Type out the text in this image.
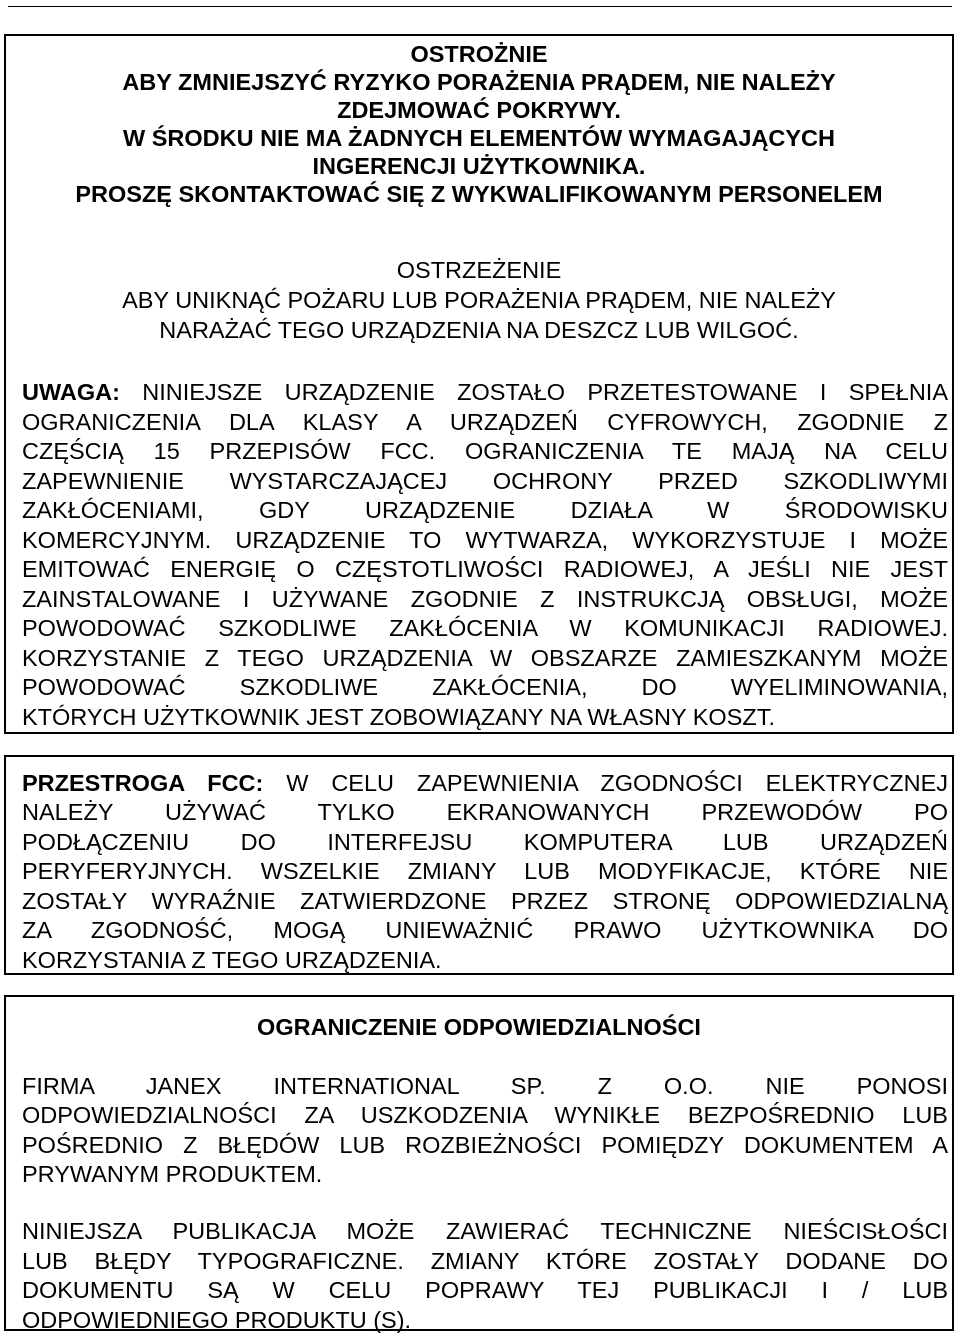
OSTROŻNIE
ABY ZMNIEJSZYĆ RYZYKO PORAŻENIA PRĄDEM, NIE NALEŻY
ZDEJMOWAĆ POKRYWY.
W ŚRODKU NIE MA ŻADNYCH ELEMENTÓW WYMAGAJĄCYCH
INGERENCJI UŻYTKOWNIKA.
PROSZĘ SKONTAKTOWAĆ SIĘ Z WYKWALIFIKOWANYM PERSONELEM
OSTRZEŻENIE
ABY UNIKNĄĆ POŻARU LUB PORAŻENIA PRĄDEM, NIE NALEŻY
NARAŻAĆ TEGO URZĄDZENIA NA DESZCZ LUB WILGOĆ.
UWAGA: NINIEJSZE URZĄDZENIE ZOSTAŁO PRZETESTOWANE I SPEŁNIA
OGRANICZENIA DLA KLASY A URZĄDZEŃ CYFROWYCH, ZGODNIE Z
CZĘŚCIĄ 15 PRZEPISÓW FCC. OGRANICZENIA TE MAJĄ NA CELU
ZAPEWNIENIE WYSTARCZAJĄCEJ OCHRONY PRZED SZKODLIWYMI
ZAKŁÓCENIAMI, GDY URZĄDZENIE DZIAŁA W ŚRODOWISKU
KOMERCYJNYM. URZĄDZENIE TO WYTWARZA, WYKORZYSTUJE I MOŻE
EMITOWAĆ ENERGIĘ O CZĘSTOTLIWOŚCI RADIOWEJ, A JEŚLI NIE JEST
ZAINSTALOWANE I UŻYWANE ZGODNIE Z INSTRUKCJĄ OBSŁUGI, MOŻE
POWODOWAĆ SZKODLIWE ZAKŁÓCENIA W KOMUNIKACJI RADIOWEJ.
KORZYSTANIE Z TEGO URZĄDZENIA W OBSZARZE ZAMIESZKANYM MOŻE
POWODOWAĆ SZKODLIWE ZAKŁÓCENIA, DO WYELIMINOWANIA,
KTÓRYCH UŻYTKOWNIK JEST ZOBOWIĄZANY NA WŁASNY KOSZT.
PRZESTROGA FCC: W CELU ZAPEWNIENIA ZGODNOŚCI ELEKTRYCZNEJ
NALEŻY UŻYWAĆ TYLKO EKRANOWANYCH PRZEWODÓW PO
PODŁĄCZENIU DO INTERFEJSU KOMPUTERA LUB URZĄDZEŃ
PERYFERYJNYCH. WSZELKIE ZMIANY LUB MODYFIKACJE, KTÓRE NIE
ZOSTAŁY WYRAŹNIE ZATWIERDZONE PRZEZ STRONĘ ODPOWIEDZIALNĄ
ZA ZGODNOŚĆ, MOGĄ UNIEWAŻNIĆ PRAWO UŻYTKOWNIKA DO
KORZYSTANIA Z TEGO URZĄDZENIA.
OGRANICZENIE ODPOWIEDZIALNOŚCI
FIRMA JANEX INTERNATIONAL SP. Z O.O. NIE PONOSI
ODPOWIEDZIALNOŚCI ZA USZKODZENIA WYNIKŁE BEZPOŚREDNIO LUB
POŚREDNIO Z BŁĘDÓW LUB ROZBIEŻNOŚCI POMIĘDZY DOKUMENTEM A
PRYWANYM PRODUKTEM.
NINIEJSZA PUBLIKACJA MOŻE ZAWIERAĆ TECHNICZNE NIEŚCISŁOŚCI
LUB BŁĘDY TYPOGRAFICZNE. ZMIANY KTÓRE ZOSTAŁY DODANE DO
DOKUMENTU SĄ W CELU POPRAWY TEJ PUBLIKACJI I / LUB
ODPOWIEDNIEGO PRODUKTU (S).
